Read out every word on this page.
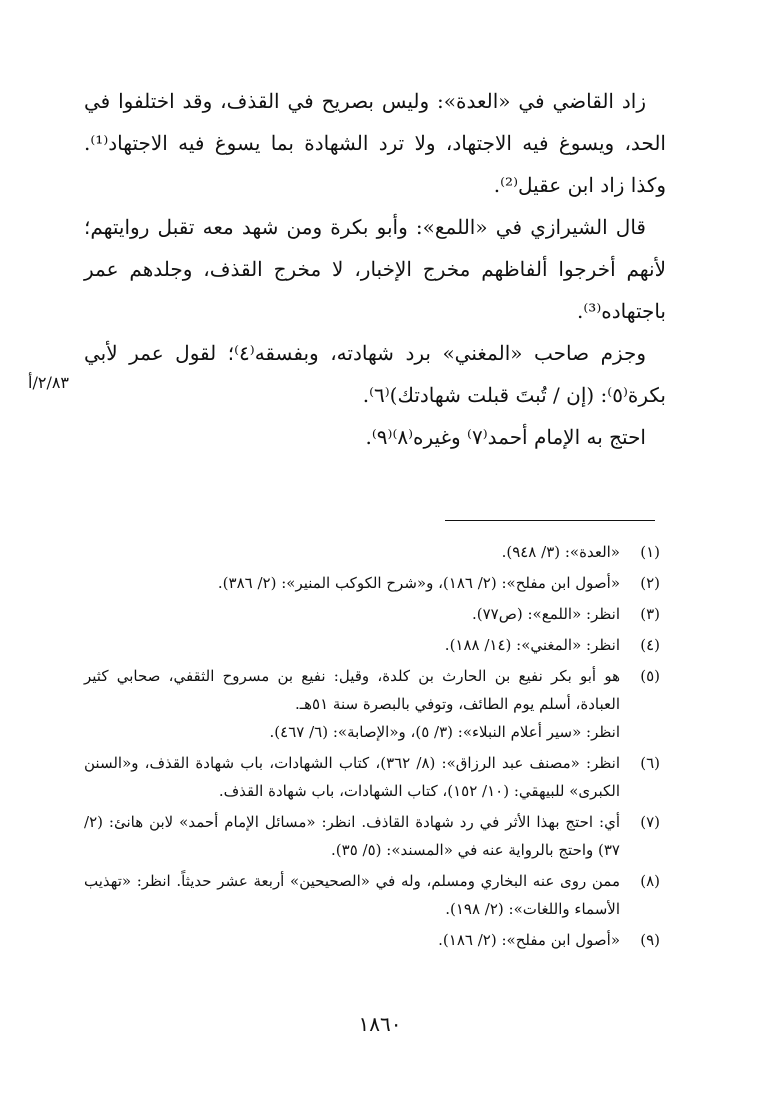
زاد القاضي في «العدة»: وليس بصريح في القذف، وقد اختلفوا في الحد، ويسوغ فيه الاجتهاد، ولا ترد الشهادة بما يسوغ فيه الاجتهاد⁽¹⁾. وكذا زاد ابن عقيل⁽²⁾.

قال الشيرازي في «اللمع»: وأبو بكرة ومن شهد معه تقبل روايتهم؛ لأنهم أخرجوا ألفاظهم مخرج الإخبار، لا مخرج القذف، وجلدهم عمر باجتهاده⁽³⁾.

وجزم صاحب «المغني» برد شهادته، وبفسقه⁽٤⁾؛ لقول عمر لأبي بكرة⁽٥⁾: (إن / تُبتَ قبلت شهادتك)⁽٦⁾.

احتج به الإمام أحمد⁽٧⁾ وغيره⁽٨⁾⁽٩⁾.

٢/٨٣/أ
(١)
«العدة»: (٣/ ٩٤٨).
(٢)
«أصول ابن مفلح»: (٢/ ١٨٦)، و«شرح الكوكب المنير»: (٢/ ٣٨٦).
(٣)
انظر: «اللمع»: (ص٧٧).
(٤)
انظر: «المغني»: (١٤/ ١٨٨).
(٥)
هو أبو بكر نفيع بن الحارث بن كلدة، وقيل: نفيع بن مسروح الثقفي، صحابي كثير العبادة، أسلم يوم الطائف، وتوفي بالبصرة سنة ٥١هـ.
انظر: «سير أعلام النبلاء»: (٣/ ٥)، و«الإصابة»: (٦/ ٤٦٧).
(٦)
انظر: «مصنف عبد الرزاق»: (٨/ ٣٦٢)، كتاب الشهادات، باب شهادة القذف، و«السنن الكبرى» للبيهقي: (١٠/ ١٥٢)، كتاب الشهادات، باب شهادة القذف.
(٧)
أي: احتج بهذا الأثر في رد شهادة القاذف. انظر: «مسائل الإمام أحمد» لابن هانئ: (٢/ ٣٧) واحتج بالرواية عنه في «المسند»: (٥/ ٣٥).
(٨)
ممن روى عنه البخاري ومسلم، وله في «الصحيحين» أربعة عشر حديثاً. انظر: «تهذيب الأسماء واللغات»: (٢/ ١٩٨).
(٩)
«أصول ابن مفلح»: (٢/ ١٨٦).
١٨٦٠
